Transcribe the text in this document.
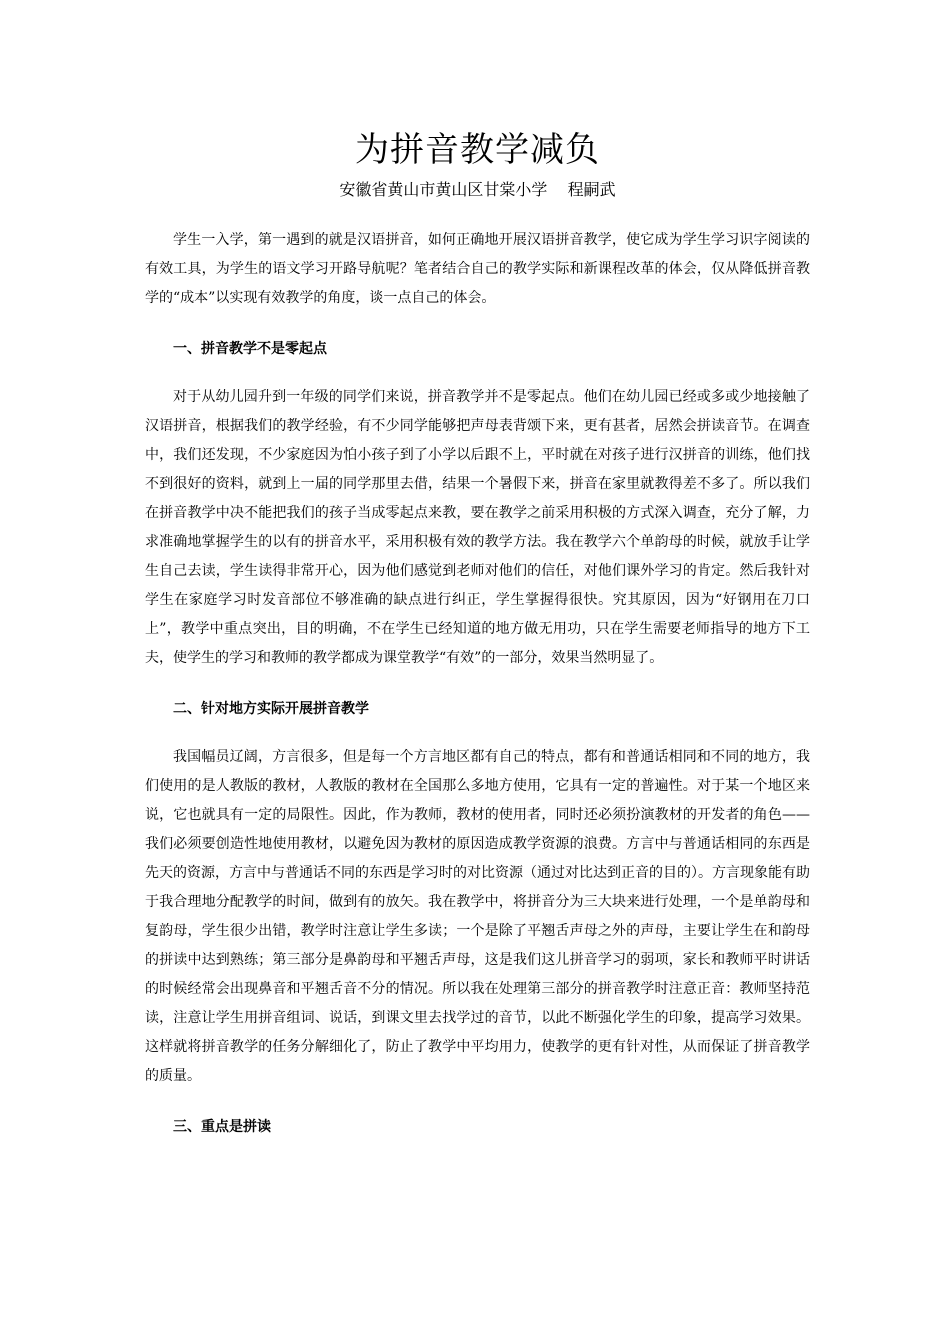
为拼音教学减负

安徽省黄山市黄山区甘棠小学    程嗣武

学生一入学，第一遇到的就是汉语拼音，如何正确地开展汉语拼音教学，使它成为学生学习识字阅读的有效工具，为学生的语文学习开路导航呢？笔者结合自己的教学实际和新课程改革的体会，仅从降低拼音教学的“成本”以实现有效教学的角度，谈一点自己的体会。

一、拼音教学不是零起点

对于从幼儿园升到一年级的同学们来说，拼音教学并不是零起点。他们在幼儿园已经或多或少地接触了汉语拼音，根据我们的教学经验，有不少同学能够把声母表背颂下来，更有甚者，居然会拼读音节。在调查中，我们还发现，不少家庭因为怕小孩子到了小学以后跟不上，平时就在对孩子进行汉拼音的训练，他们找不到很好的资料，就到上一届的同学那里去借，结果一个暑假下来，拼音在家里就教得差不多了。所以我们在拼音教学中决不能把我们的孩子当成零起点来教，要在教学之前采用积极的方式深入调查，充分了解，力求准确地掌握学生的以有的拼音水平，采用积极有效的教学方法。我在教学六个单韵母的时候，就放手让学生自己去读，学生读得非常开心，因为他们感觉到老师对他们的信任，对他们课外学习的肯定。然后我针对学生在家庭学习时发音部位不够准确的缺点进行纠正，学生掌握得很快。究其原因，因为“好钢用在刀口上”，教学中重点突出，目的明确，不在学生已经知道的地方做无用功，只在学生需要老师指导的地方下工夫，使学生的学习和教师的教学都成为课堂教学“有效”的一部分，效果当然明显了。

二、针对地方实际开展拼音教学

我国幅员辽阔，方言很多，但是每一个方言地区都有自己的特点，都有和普通话相同和不同的地方，我们使用的是人教版的教材，人教版的教材在全国那么多地方使用，它具有一定的普遍性。对于某一个地区来说，它也就具有一定的局限性。因此，作为教师，教材的使用者，同时还必须扮演教材的开发者的角色——我们必须要创造性地使用教材，以避免因为教材的原因造成教学资源的浪费。方言中与普通话相同的东西是先天的资源，方言中与普通话不同的东西是学习时的对比资源（通过对比达到正音的目的）。方言现象能有助于我合理地分配教学的时间，做到有的放矢。我在教学中，将拼音分为三大块来进行处理，一个是单韵母和复韵母，学生很少出错，教学时注意让学生多读；一个是除了平翘舌声母之外的声母，主要让学生在和韵母的拼读中达到熟练；第三部分是鼻韵母和平翘舌声母，这是我们这儿拼音学习的弱项，家长和教师平时讲话的时候经常会出现鼻音和平翘舌音不分的情况。所以我在处理第三部分的拼音教学时注意正音：教师坚持范读，注意让学生用拼音组词、说话，到课文里去找学过的音节，以此不断强化学生的印象，提高学习效果。这样就将拼音教学的任务分解细化了，防止了教学中平均用力，使教学的更有针对性，从而保证了拼音教学的质量。

三、重点是拼读
